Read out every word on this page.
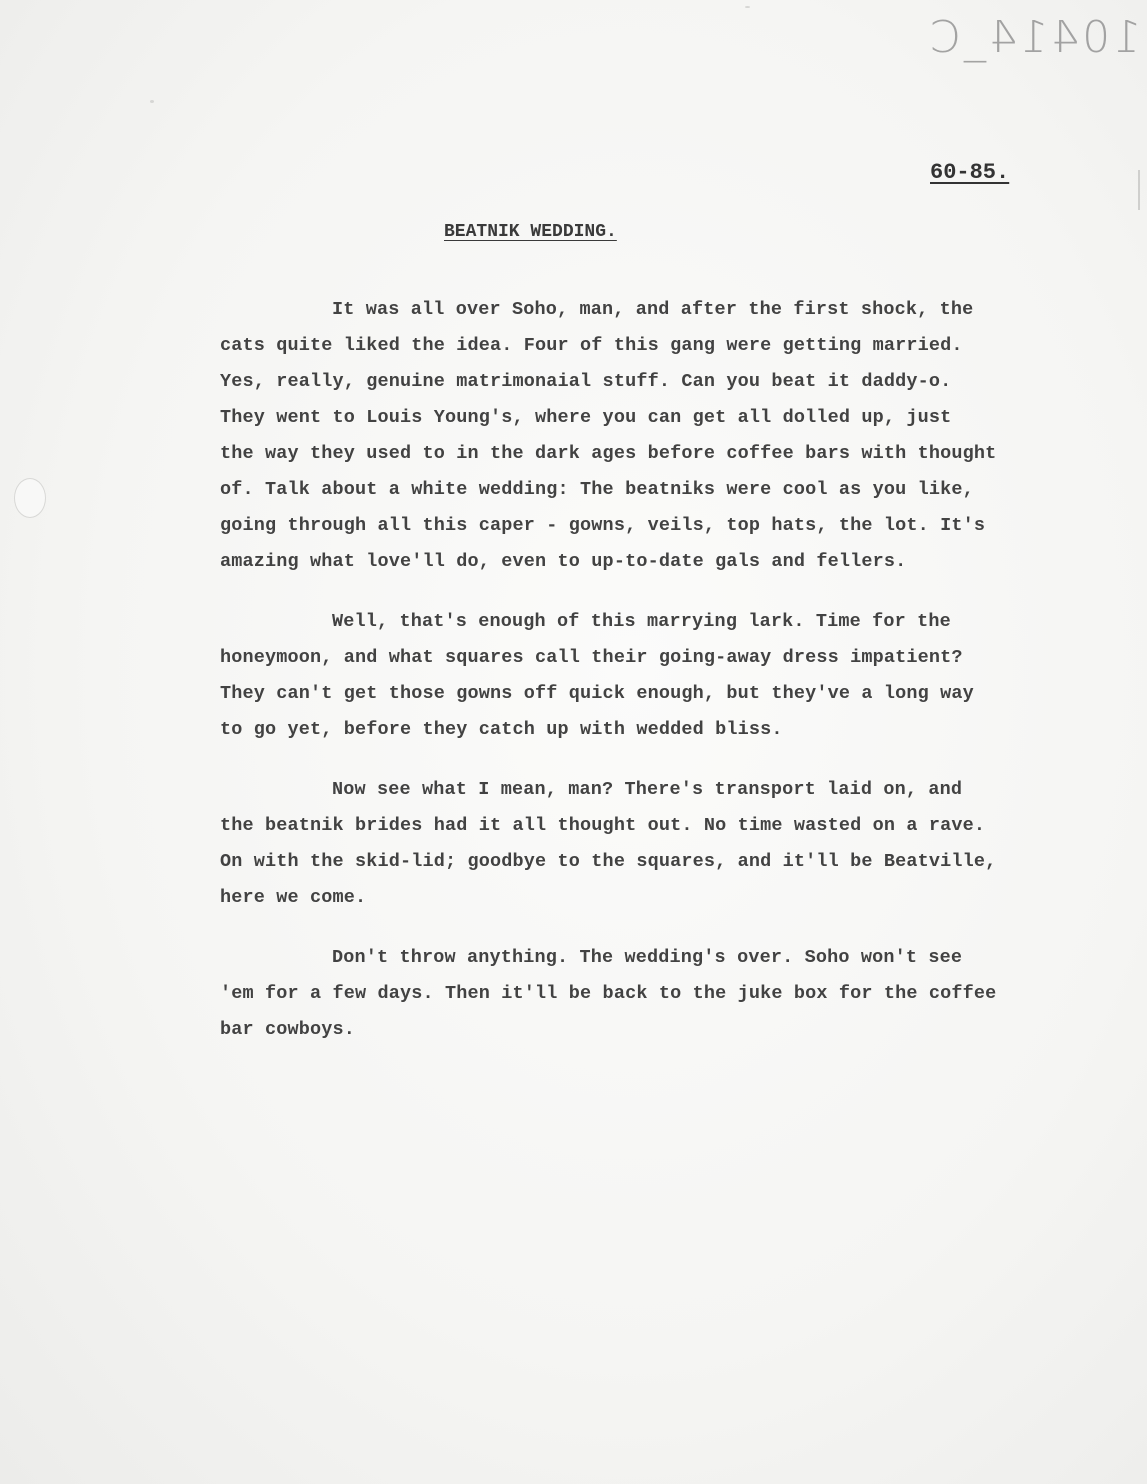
10414_C
60-85.
BEATNIK WEDDING.
It was all over Soho, man, and after the first shock, the
cats quite liked the idea. Four of this gang were getting married.
Yes, really, genuine matrimonaial stuff. Can you beat it daddy-o.
They went to Louis Young's, where you can get all dolled up, just
the way they used to in the dark ages before coffee bars with thought
of. Talk about a white wedding: The beatniks were cool as you like,
going through all this caper - gowns, veils, top hats, the lot. It's
amazing what love'll do, even to up-to-date gals and fellers.
Well, that's enough of this marrying lark. Time for the
honeymoon, and what squares call their going-away dress impatient?
They can't get those gowns off quick enough, but they've a long way
to go yet, before they catch up with wedded bliss.
Now see what I mean, man? There's transport laid on, and
the beatnik brides had it all thought out. No time wasted on a rave.
On with the skid-lid; goodbye to the squares, and it'll be Beatville,
here we come.
Don't throw anything. The wedding's over. Soho won't see
'em for a few days. Then it'll be back to the juke box for the coffee
bar cowboys.
